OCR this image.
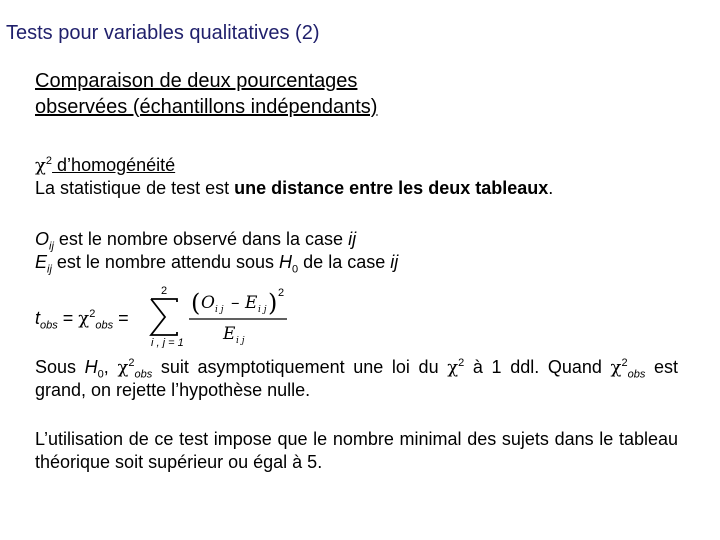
Tests pour variables qualitatives (2)
Comparaison de deux pourcentages
observées (échantillons indépendants)
$\chi^2$ d’homogénéité
La statistique de test est une distance entre les deux tableaux.
$O_{ij}$ est le nombre observé dans la case ij
$E_{ij}$ est le nombre attendu sous $H_0$ de la case ij
$t_{obs} = \chi^2_{obs}$ =
2
i , j = 1
( O i j – E i j ) 2
E i j
Sous $H_0$, $\chi^2_{obs}$ suit asymptotiquement une loi du $\chi^2$ à 1 ddl. Quand $\chi^2_{obs}$ est grand, on rejette l’hypothèse nulle.
L’utilisation de ce test impose que le nombre minimal des sujets dans le tableau théorique soit supérieur ou égal à 5.
